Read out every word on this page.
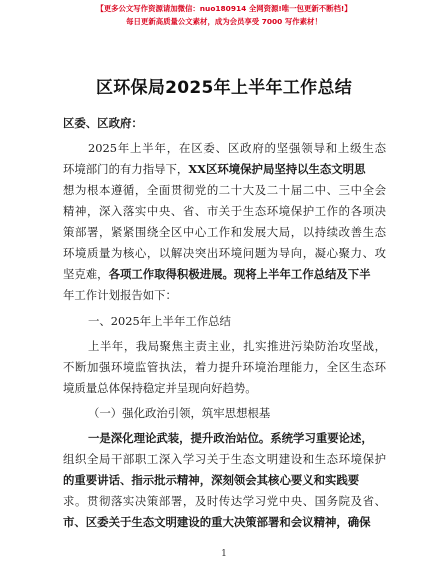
【更多公文写作资源请加微信：nuo180914 全网资源!唯一包更新不断档!】
每日更新高质量公文素材，成为会员享受 7000 写作素材！
区环保局2025年上半年工作总结
区委、区政府：
2025年上半年，在区委、区政府的坚强领导和上级生态
环境部门的有力指导下，XX区环境保护局坚持以生态文明思
想为根本遵循，全面贯彻党的二十大及二十届二中、三中全会
精神，深入落实中央、省、市关于生态环境保护工作的各项决
策部署，紧紧围绕全区中心工作和发展大局，以持续改善生态
环境质量为核心，以解决突出环境问题为导向，凝心聚力、攻
坚克难，各项工作取得积极进展。现将上半年工作总结及下半
年工作计划报告如下：
一、2025年上半年工作总结
上半年，我局聚焦主责主业，扎实推进污染防治攻坚战，
不断加强环境监管执法，着力提升环境治理能力，全区生态环
境质量总体保持稳定并呈现向好趋势。
（一）强化政治引领，筑牢思想根基
一是深化理论武装，提升政治站位。系统学习重要论述，
组织全局干部职工深入学习关于生态文明建设和生态环境保护
的重要讲话、指示批示精神，深刻领会其核心要义和实践要
求。贯彻落实决策部署，及时传达学习党中央、国务院及省、
市、区委关于生态文明建设的重大决策部署和会议精神，确保
1
